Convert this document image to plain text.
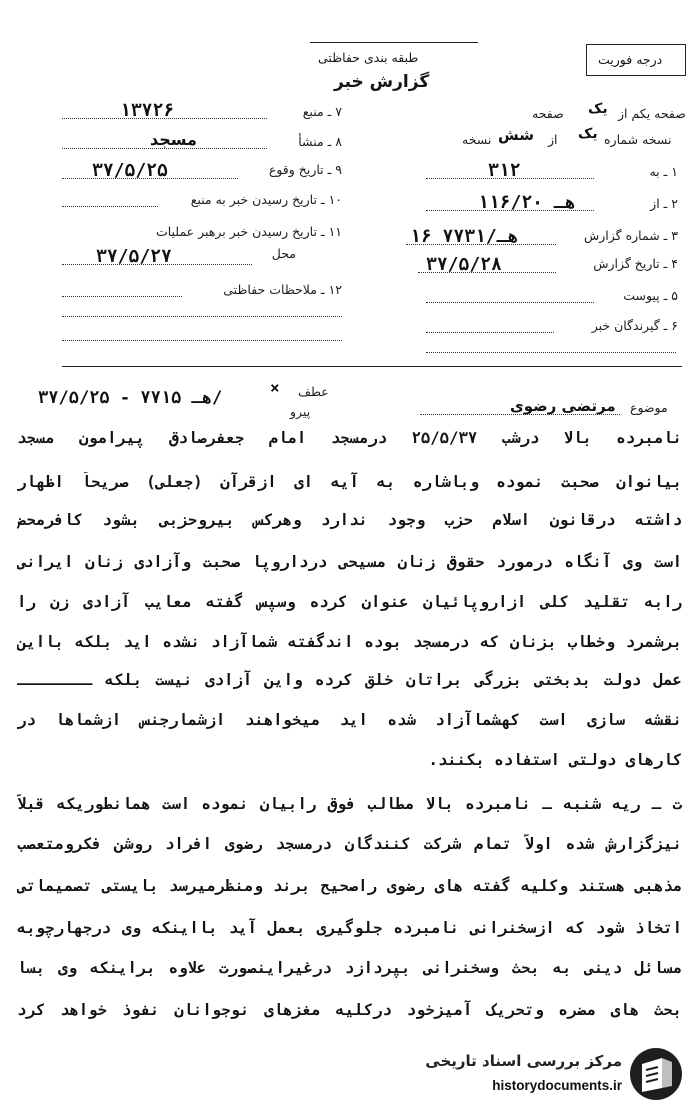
درجه فوریت
طبقه بندی حفاظتی
گزارش خبر
۷ ـ منبع
۱۳۷۲۶
۸ ـ منشأ
مسجد
۹ ـ تاریخ وقوع
۳۷/۵/۲۵
۱۰ ـ تاریخ رسیدن خبر به منبع
۱۱ ـ تاریخ رسیدن خبر برهبر عملیات
محل
۳۷/۵/۲۷
۱۲ ـ ملاحظات حفاظتی
صفحه یکم از
یک
صفحه
نسخه شماره
یک
از
شش
نسخه
۱ ـ به
۳۱۲
۲ ـ از
۱۱۶/۲۰ هـ
۳ ـ شماره گزارش
۱۶ هـ/۷۷۳۱
۴ ـ تاریخ گزارش
۳۷/۵/۲۸
۵ ـ پیوست
۶ ـ گیرندگان خبر
موضوع
مرتضی رضوی
عطف
×
پیرو
۳۷/۵/۲۵ - هـ ۷۷۱۵/
نامبرده بالا درشب ۲۵/۵/۳۷ درمسجد امام جعفرصادق پیرامون مسجد
بیانوان صحبت نموده وباشاره به آیه ای ازقرآن (جعلی) صریحاً اظهار
داشته درقانون اسلام حزب وجود ندارد وهرکس بیروحزبی بشود کافرمحض
است وی آنگاه درمورد حقوق زنان مسیحی درداروپا صحبت وآزادی زنان ایرانی
رابه تقلید کلی ازاروپائیان عنوان کرده وسپس گفته معایب آزادی زن را
برشمرد وخطاب بزنان که درمسجد بوده اندگفته شماآزاد نشده اید بلکه بااین
عمل دولت بدبختی بزرگی براتان خلق کرده واین آزادی نیست بلکه ــــــــ
نقشه سازی است کهشماآزاد شده اید میخواهند ازشمارجنس ازشماها در
کارهای دولتی استفاده بکنند.
ت ـ ریه شنبه ـ نامبرده بالا مطالب فوق رابیان نموده است همانطوریکه قبلاً
نیزگزارش شده اولاً تمام شرکت کنندگان درمسجد رضوی افراد روشن فکرومتعصب
مذهبی هستند وکلیه گفته های رضوی راصحیح برند ومنظرمیرسد بایستی تصمیماتی
اتخاذ شود که ازسخنرانی نامبرده جلوگیری بعمل آید بااینکه وی درجهارچوبه
مسائل دینی به بحث وسخنرانی بپردازد درغیراینصورت علاوه براینکه وی بسا
بحث های مضره وتحریک آمیزخود درکلیه مغزهای نوجوانان نفوذ خواهد کرد
مرکز بررسی اسناد تاریخی
historydocuments.ir
